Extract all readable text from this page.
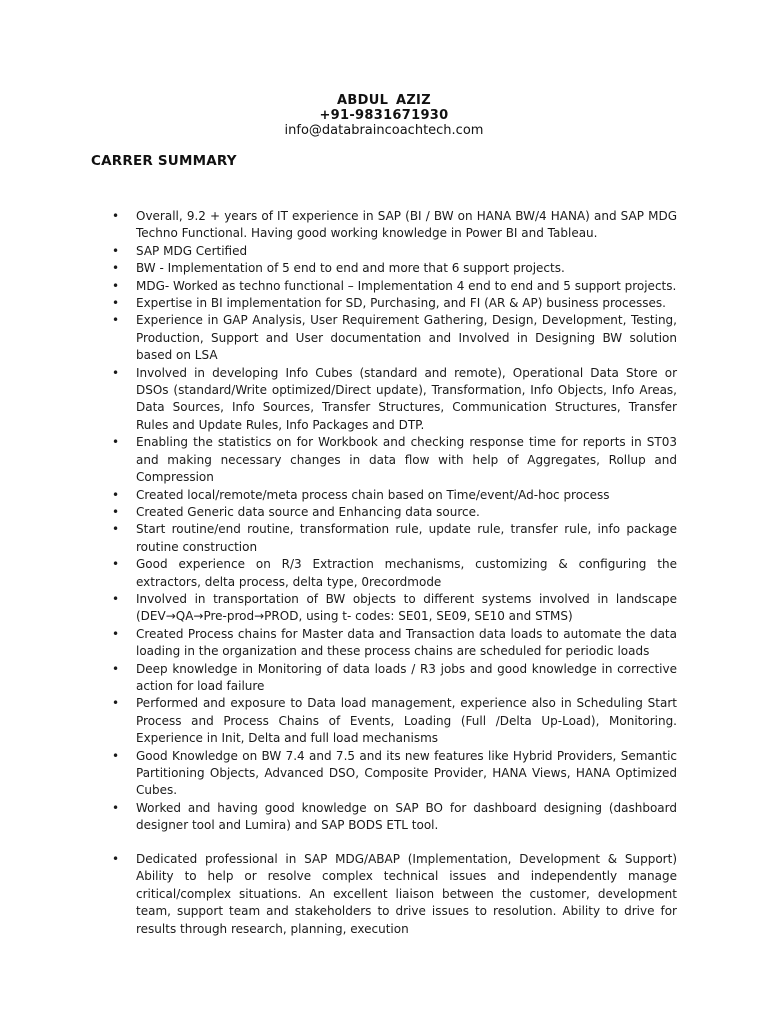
ABDUL AZIZ
+91-9831671930
info@databraincoachtech.com
CARRER SUMMARY
• Overall, 9.2 + years of IT experience in SAP (BI / BW on HANA BW/4 HANA) and SAP MDG Techno Functional. Having good working knowledge in Power BI and Tableau.
• SAP MDG Certified
• BW - Implementation of 5 end to end and more that 6 support projects.
• MDG- Worked as techno functional – Implementation 4 end to end and 5 support projects.
• Expertise in BI implementation for SD, Purchasing, and FI (AR & AP) business processes.
• Experience in GAP Analysis, User Requirement Gathering, Design, Development, Testing, Production, Support and User documentation and Involved in Designing BW solution based on LSA
• Involved in developing Info Cubes (standard and remote), Operational Data Store or DSOs (standard/Write optimized/Direct update), Transformation, Info Objects, Info Areas, Data Sources, Info Sources, Transfer Structures, Communication Structures, Transfer Rules and Update Rules, Info Packages and DTP.
• Enabling the statistics on for Workbook and checking response time for reports in ST03 and making necessary changes in data flow with help of Aggregates, Rollup and Compression
• Created local/remote/meta process chain based on Time/event/Ad-hoc process
• Created Generic data source and Enhancing data source.
• Start routine/end routine, transformation rule, update rule, transfer rule, info package routine construction
• Good experience on R/3 Extraction mechanisms, customizing & configuring the extractors, delta process, delta type, 0recordmode
• Involved in transportation of BW objects to different systems involved in landscape (DEV→QA→Pre-prod→PROD, using t- codes: SE01, SE09, SE10 and STMS)
• Created Process chains for Master data and Transaction data loads to automate the data loading in the organization and these process chains are scheduled for periodic loads
• Deep knowledge in Monitoring of data loads / R3 jobs and good knowledge in corrective action for load failure
• Performed and exposure to Data load management, experience also in Scheduling Start Process and Process Chains of Events, Loading (Full /Delta Up-Load), Monitoring. Experience in Init, Delta and full load mechanisms
• Good Knowledge on BW 7.4 and 7.5 and its new features like Hybrid Providers, Semantic Partitioning Objects, Advanced DSO, Composite Provider, HANA Views, HANA Optimized Cubes.
• Worked and having good knowledge on SAP BO for dashboard designing (dashboard designer tool and Lumira) and SAP BODS ETL tool.
• Dedicated professional in SAP MDG/ABAP (Implementation, Development & Support) Ability to help or resolve complex technical issues and independently manage critical/complex situations. An excellent liaison between the customer, development team, support team and stakeholders to drive issues to resolution. Ability to drive for results through research, planning, execution
